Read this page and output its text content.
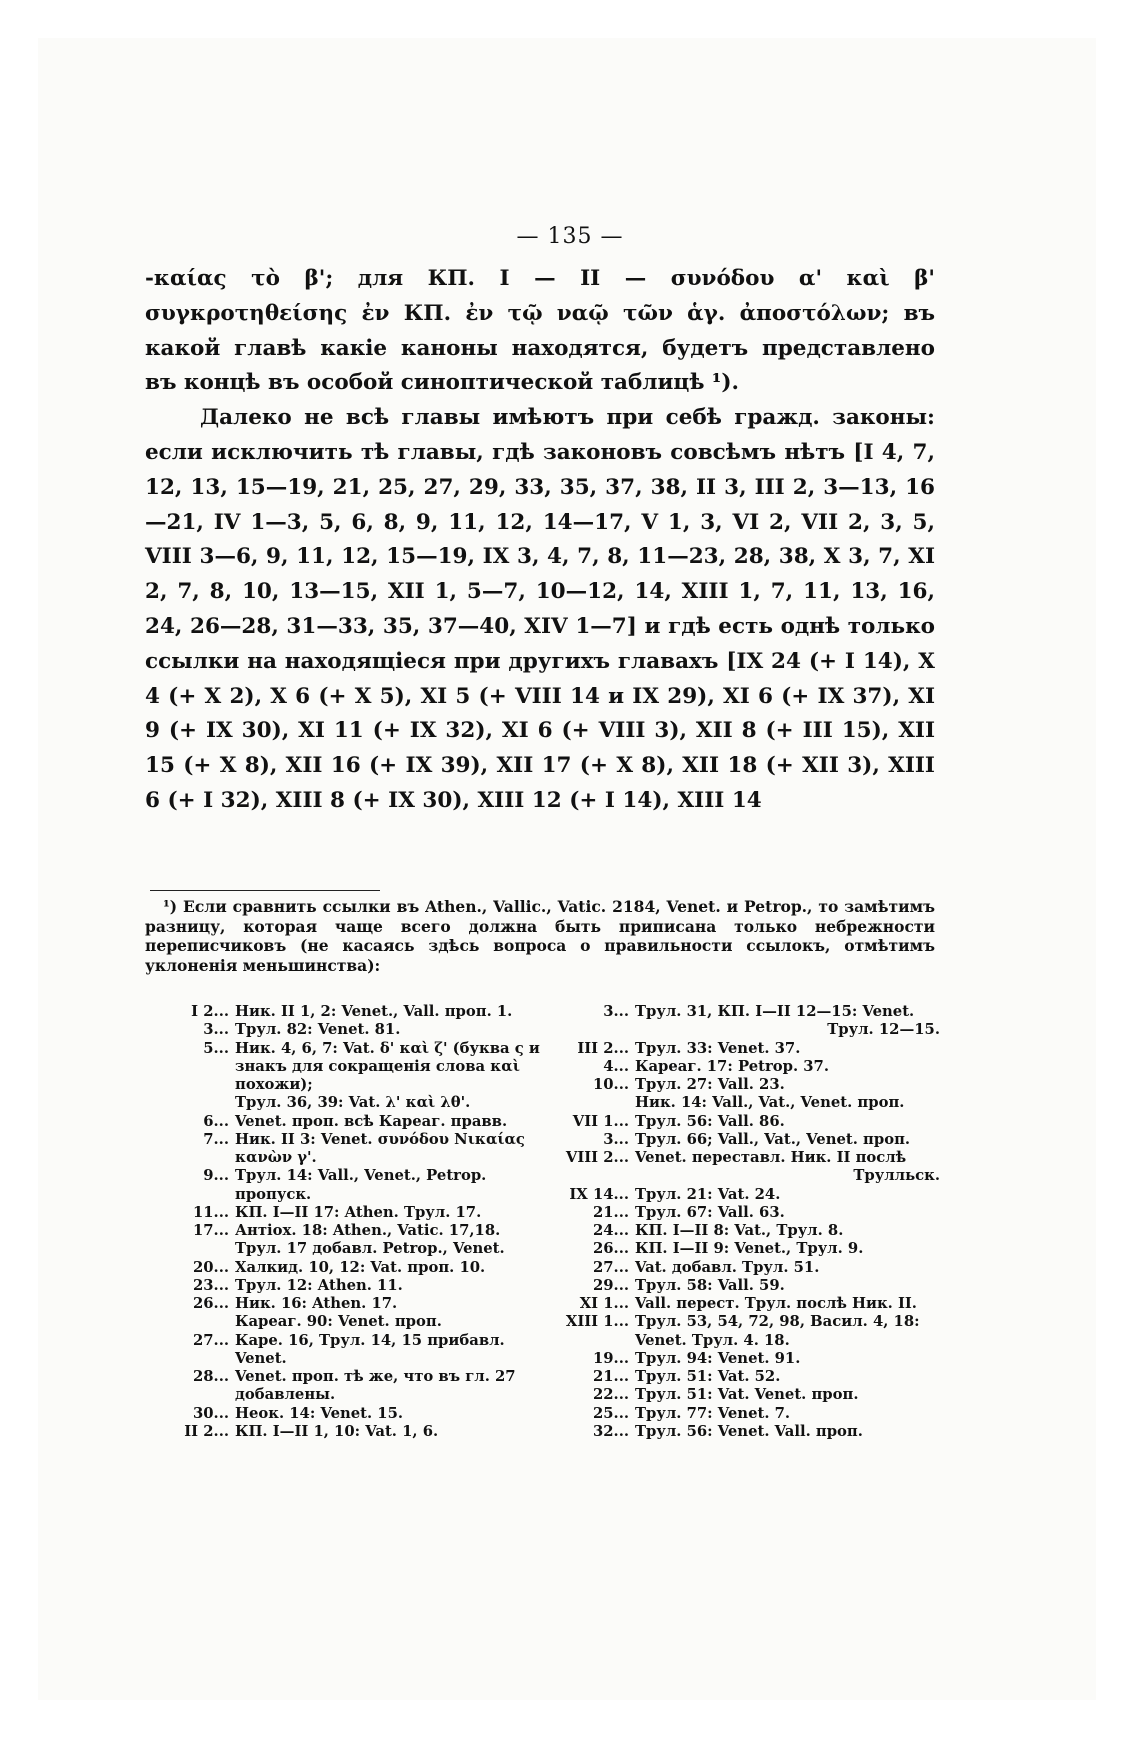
— 135 —

-καίας τὸ β'; для КП. I — II — συνόδου α' καὶ β' συγκροτηθείσης ἐν КП. ἐν τῷ ναῷ τῶν ἁγ. ἀποστόλων; въ какой главѣ какіе каноны находятся, будетъ представлено въ концѣ въ особой синоптической таблицѣ ¹).

Далеко не всѣ главы имѣютъ при себѣ гражд. законы: если исключить тѣ главы, гдѣ законовъ совсѣмъ нѣтъ [I 4, 7, 12, 13, 15—19, 21, 25, 27, 29, 33, 35, 37, 38, II 3, III 2, 3—13, 16—21, IV 1—3, 5, 6, 8, 9, 11, 12, 14—17, V 1, 3, VI 2, VII 2, 3, 5, VIII 3—6, 9, 11, 12, 15—19, IX 3, 4, 7, 8, 11—23, 28, 38, X 3, 7, XI 2, 7, 8, 10, 13—15, XII 1, 5—7, 10—12, 14, XIII 1, 7, 11, 13, 16, 24, 26—28, 31—33, 35, 37—40, XIV 1—7] и гдѣ есть однѣ только ссылки на находящіеся при другихъ главахъ [IX 24 (+ I 14), X 4 (+ X 2), X 6 (+ X 5), XI 5 (+ VIII 14 и IX 29), XI 6 (+ IX 37), XI 9 (+ IX 30), XI 11 (+ IX 32), XI 6 (+ VIII 3), XII 8 (+ III 15), XII 15 (+ X 8), XII 16 (+ IX 39), XII 17 (+ X 8), XII 18 (+ XII 3), XIII 6 (+ I 32), XIII 8 (+ IX 30), XIII 12 (+ I 14), XIII 14

¹) Если сравнить ссылки въ Athen., Vallic., Vatic. 2184, Venet. и Petrop., то замѣтимъ разницу, которая чаще всего должна быть приписана только небрежности переписчиковъ (не касаясь здѣсь вопроса о правильности ссылокъ, отмѣтимъ уклоненія меньшинства):

I 2... Ник. II 1, 2: Venet., Vall. проп. 1.
3... Трул. 82: Venet. 81.
5... Ник. 4, 6, 7: Vat. δ' καὶ ζ' (буква ς и знакъ для сокращенія слова καὶ похожи);
Трул. 36, 39: Vat. λ' καὶ λθ'.
6... Venet. проп. всѣ Кареаг. правв.
7... Ник. II 3: Venet. συνόδου Νικαίας κανὼν γ'.
9... Трул. 14: Vall., Venet., Petrop. пропуск.
11... КП. I—II 17: Athen. Трул. 17.
17... Антіох. 18: Athen., Vatic. 17,18.
Трул. 17 добавл. Petrop., Venet.
20... Халкид. 10, 12: Vat. проп. 10.
23... Трул. 12: Athen. 11.
26... Ник. 16: Athen. 17.
Кареаг. 90: Venet. проп.
27... Каре. 16, Трул. 14, 15 прибавл. Venet.
28... Venet. проп. тѣ же, что въ гл. 27 добавлены.
30... Неок. 14: Venet. 15.
II 2... КП. I—II 1, 10: Vat. 1, 6.
3... Трул. 31, КП. I—II 12—15: Venet.
Трул. 12—15.
III 2... Трул. 33: Venet. 37.
4... Кареаг. 17: Petrop. 37.
10... Трул. 27: Vall. 23.
Ник. 14: Vall., Vat., Venet. проп.
VII 1... Трул. 56: Vall. 86.
3... Трул. 66; Vall., Vat., Venet. проп.
VIII 2... Venet. переставл. Ник. II послѣ
Трулльск.
IX 14... Трул. 21: Vat. 24.
21... Трул. 67: Vall. 63.
24... КП. I—II 8: Vat., Трул. 8.
26... КП. I—II 9: Venet., Трул. 9.
27... Vat. добавл. Трул. 51.
29... Трул. 58: Vall. 59.
XI 1... Vall. перест. Трул. послѣ Ник. II.
XIII 1... Трул. 53, 54, 72, 98, Васил. 4, 18: Venet. Трул. 4. 18.
19... Трул. 94: Venet. 91.
21... Трул. 51: Vat. 52.
22... Трул. 51: Vat. Venet. проп.
25... Трул. 77: Venet. 7.
32... Трул. 56: Venet. Vall. проп.
